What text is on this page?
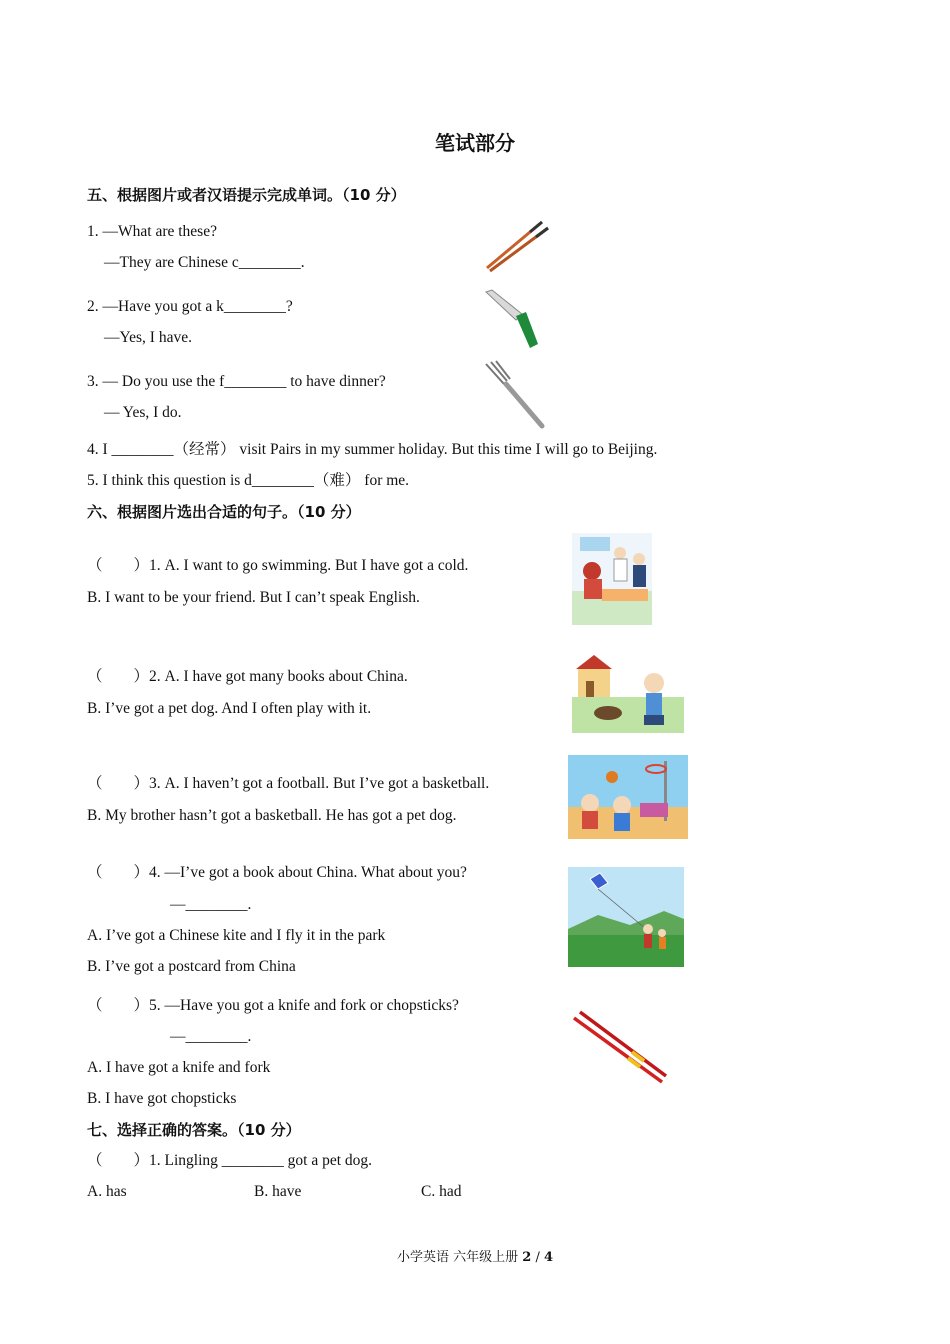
笔试部分
五、根据图片或者汉语提示完成单词。（10 分）
1. —What are these?
—They are Chinese c________.
2. —Have you got a k________?
—Yes, I have.
3. — Do you use the f________ to have dinner?
— Yes, I do.
4. I ________（经常） visit Pairs in my summer holiday. But this time I will go to Beijing.
5. I think this question is d________（难） for me.
六、根据图片选出合适的句子。（10 分）
（　　）1. A. I want to go swimming. But I have got a cold.
B. I want to be your friend. But I can’t speak English.
（　　）2. A. I have got many books about China.
B. I’ve got a pet dog. And I often play with it.
（　　）3. A. I haven’t got a football. But I’ve got a basketball.
B. My brother hasn’t got a basketball. He has got a pet dog.
（　　）4. —I’ve got a book about China. What about you?
—________.
A. I’ve got a Chinese kite and I fly it in the park
B. I’ve got a postcard from China
（　　）5. —Have you got a knife and fork or chopsticks?
—________.
A. I have got a knife and fork
B. I have got chopsticks
七、选择正确的答案。（10 分）
（　　）1. Lingling ________ got a pet dog.
A. has	B. have	C. had
小学英语 六年级上册 2 / 4
